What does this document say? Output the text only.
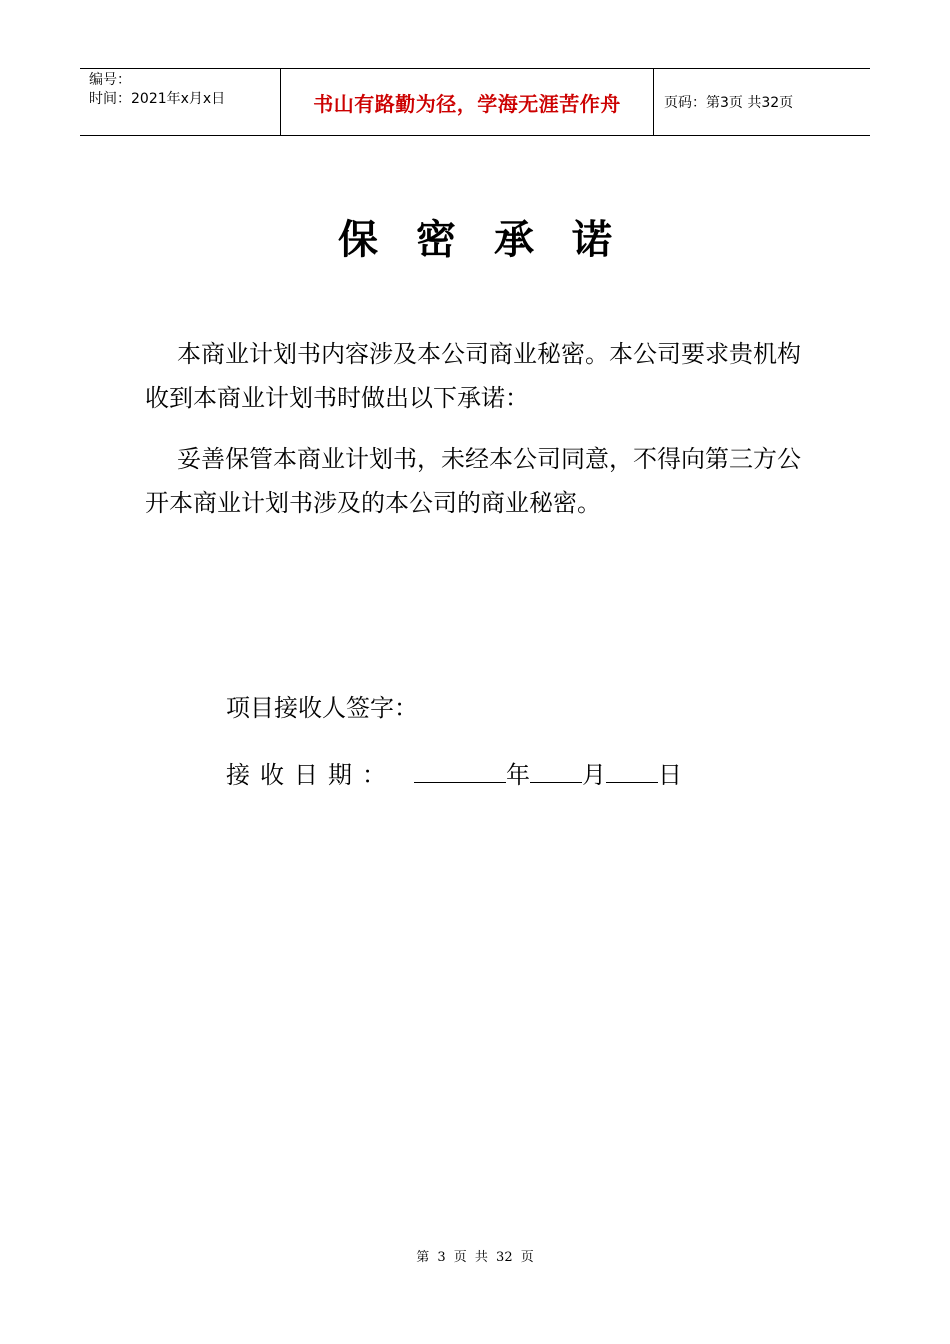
编号：
时间：2021年x月x日	书山有路勤为径，学海无涯苦作舟	页码：第3页 共32页
保密承诺

本商业计划书内容涉及本公司商业秘密。本公司要求贵机构收到本商业计划书时做出以下承诺：

妥善保管本商业计划书，未经本公司同意，不得向第三方公开本商业计划书涉及的本公司的商业秘密。

项目接收人签字：
接收日期：	年 月 日
第 3 页 共 32 页
